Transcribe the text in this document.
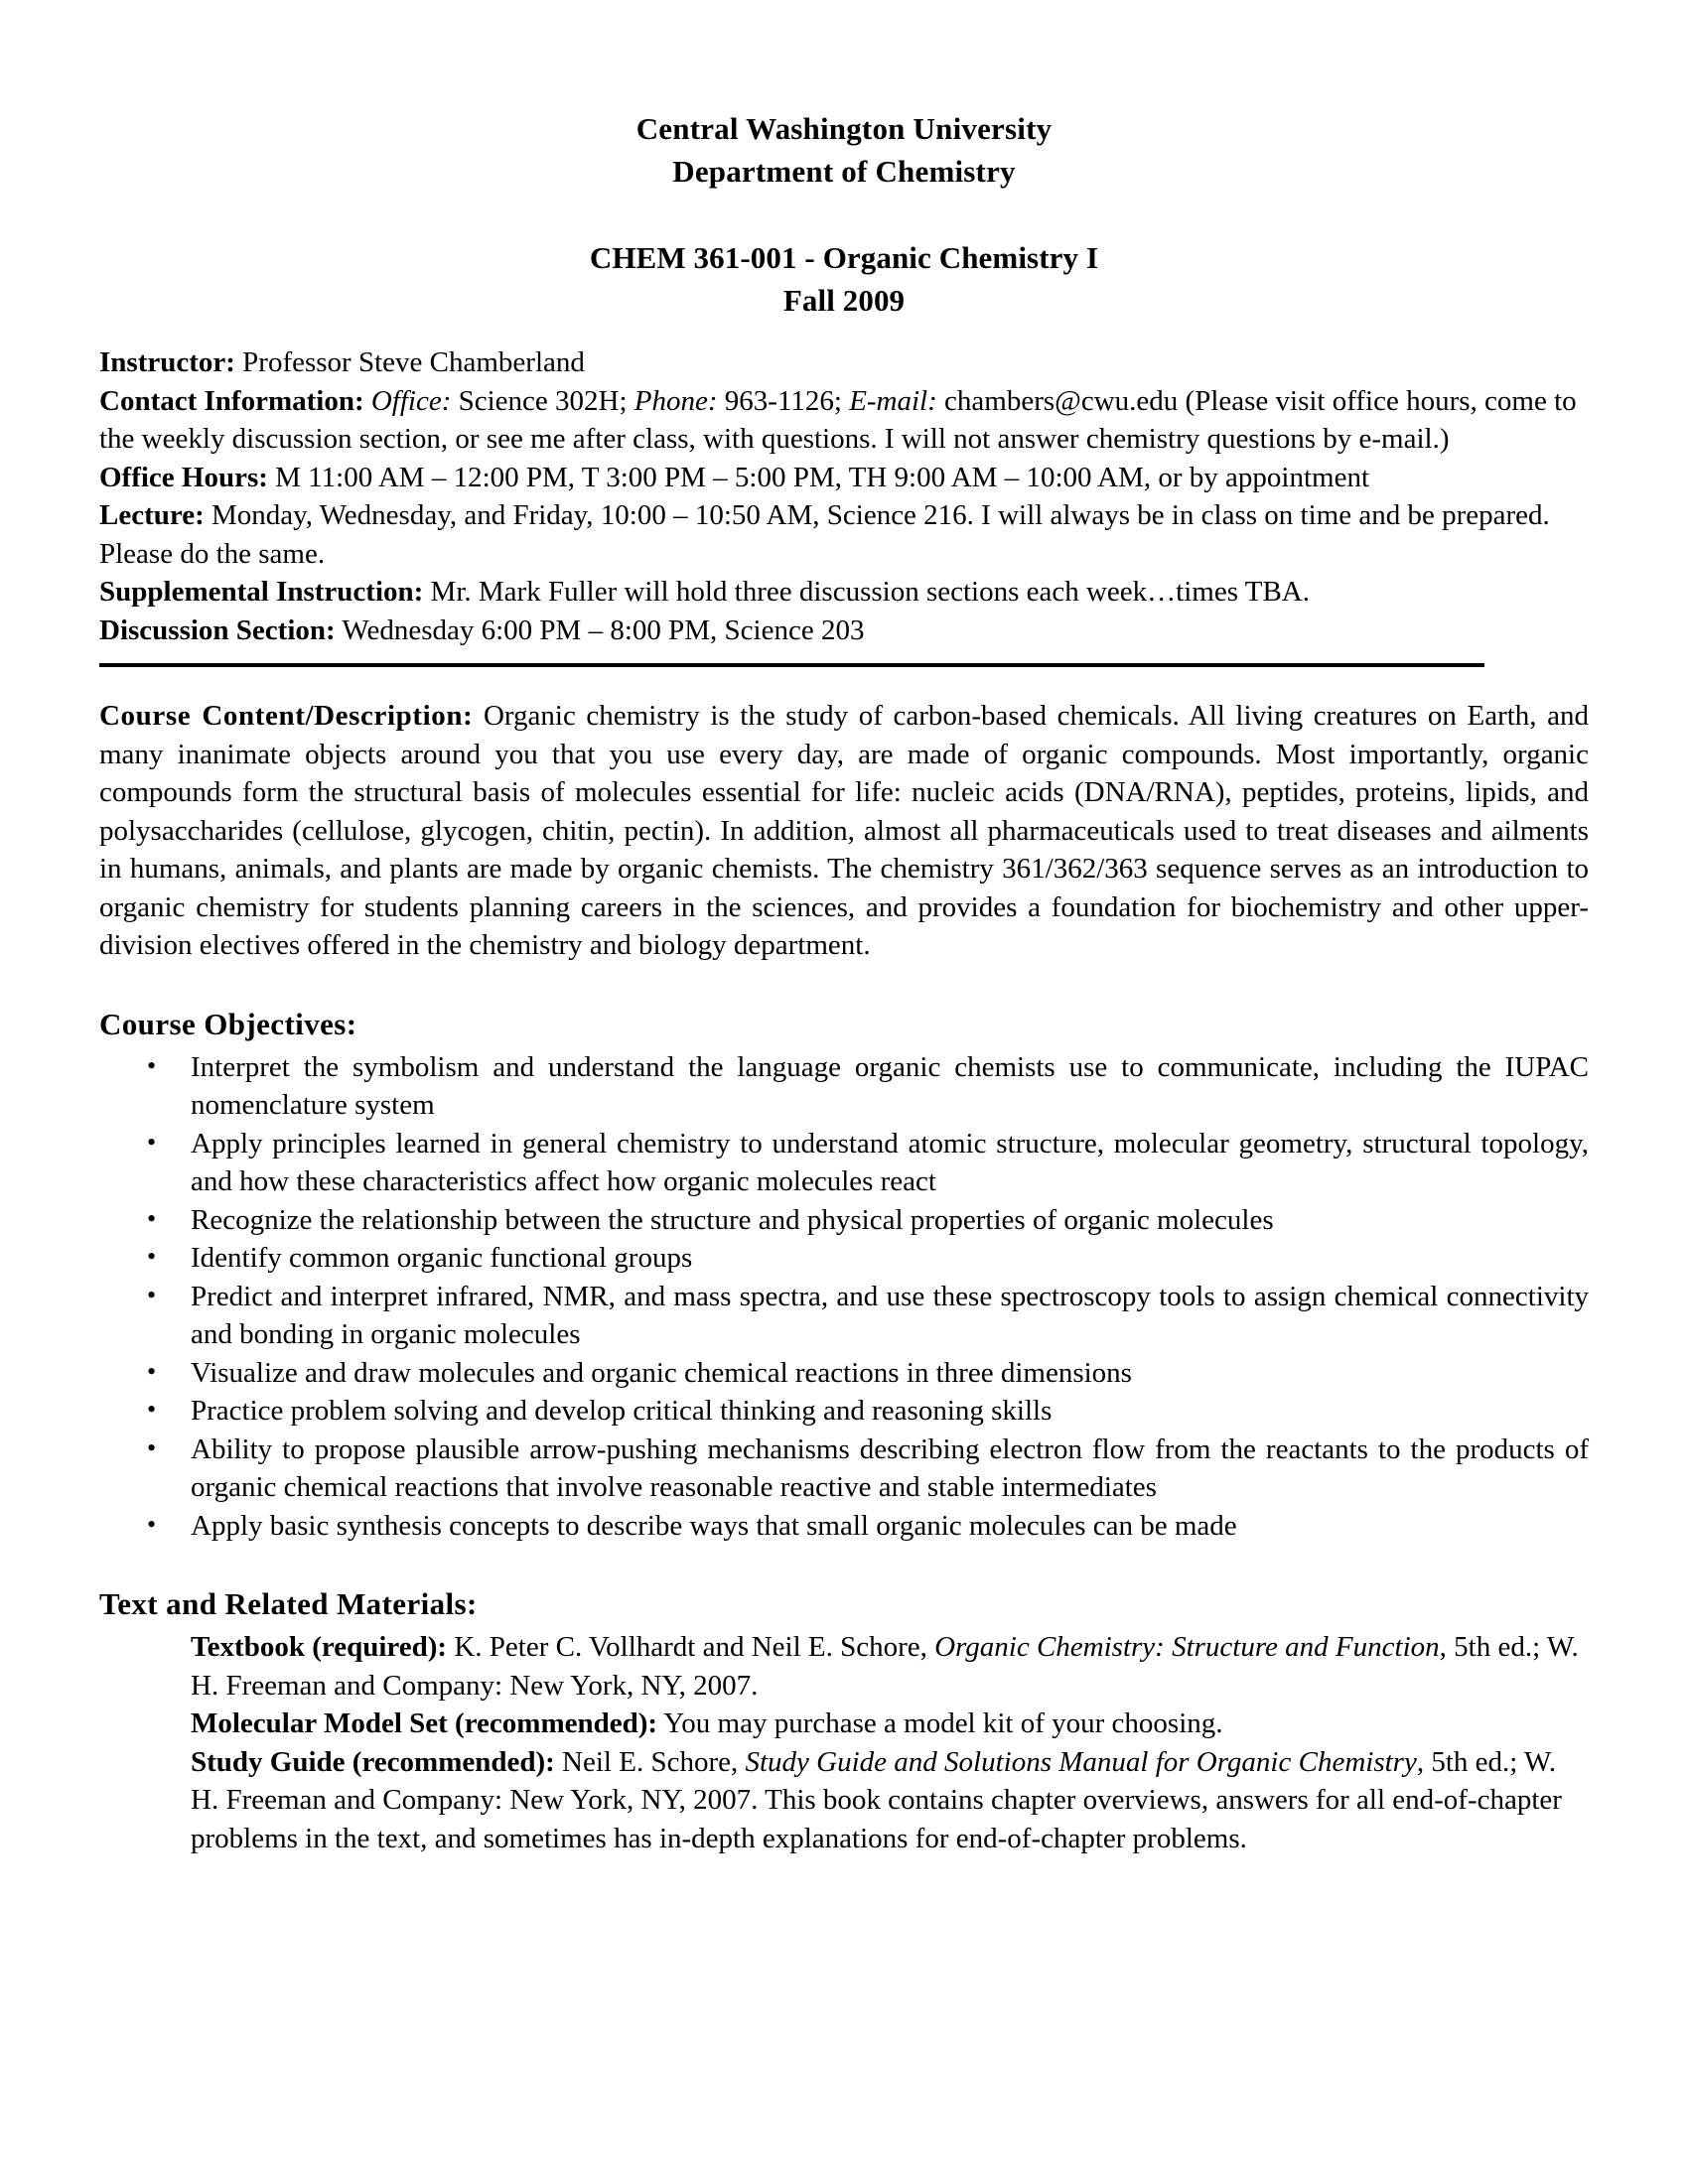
Central Washington University
Department of Chemistry
CHEM 361-001 - Organic Chemistry I
Fall 2009
Instructor: Professor Steve Chamberland
Contact Information: Office: Science 302H; Phone: 963-1126; E-mail: chambers@cwu.edu (Please visit office hours, come to the weekly discussion section, or see me after class, with questions. I will not answer chemistry questions by e-mail.)
Office Hours: M 11:00 AM – 12:00 PM, T 3:00 PM – 5:00 PM, TH 9:00 AM – 10:00 AM, or by appointment
Lecture: Monday, Wednesday, and Friday, 10:00 – 10:50 AM, Science 216. I will always be in class on time and be prepared. Please do the same.
Supplemental Instruction: Mr. Mark Fuller will hold three discussion sections each week…times TBA.
Discussion Section: Wednesday 6:00 PM – 8:00 PM, Science 203

Course Content/Description: Organic chemistry is the study of carbon-based chemicals. All living creatures on Earth, and many inanimate objects around you that you use every day, are made of organic compounds. Most importantly, organic compounds form the structural basis of molecules essential for life: nucleic acids (DNA/RNA), peptides, proteins, lipids, and polysaccharides (cellulose, glycogen, chitin, pectin). In addition, almost all pharmaceuticals used to treat diseases and ailments in humans, animals, and plants are made by organic chemists. The chemistry 361/362/363 sequence serves as an introduction to organic chemistry for students planning careers in the sciences, and provides a foundation for biochemistry and other upper-division electives offered in the chemistry and biology department.

Course Objectives:
• Interpret the symbolism and understand the language organic chemists use to communicate, including the IUPAC nomenclature system
• Apply principles learned in general chemistry to understand atomic structure, molecular geometry, structural topology, and how these characteristics affect how organic molecules react
• Recognize the relationship between the structure and physical properties of organic molecules
• Identify common organic functional groups
• Predict and interpret infrared, NMR, and mass spectra, and use these spectroscopy tools to assign chemical connectivity and bonding in organic molecules
• Visualize and draw molecules and organic chemical reactions in three dimensions
• Practice problem solving and develop critical thinking and reasoning skills
• Ability to propose plausible arrow-pushing mechanisms describing electron flow from the reactants to the products of organic chemical reactions that involve reasonable reactive and stable intermediates
• Apply basic synthesis concepts to describe ways that small organic molecules can be made
Text and Related Materials:

Textbook (required): K. Peter C. Vollhardt and Neil E. Schore, Organic Chemistry: Structure and Function, 5th ed.; W. H. Freeman and Company: New York, NY, 2007.

Molecular Model Set (recommended): You may purchase a model kit of your choosing.

Study Guide (recommended): Neil E. Schore, Study Guide and Solutions Manual for Organic Chemistry, 5th ed.; W. H. Freeman and Company: New York, NY, 2007. This book contains chapter overviews, answers for all end-of-chapter problems in the text, and sometimes has in-depth explanations for end-of-chapter problems.
